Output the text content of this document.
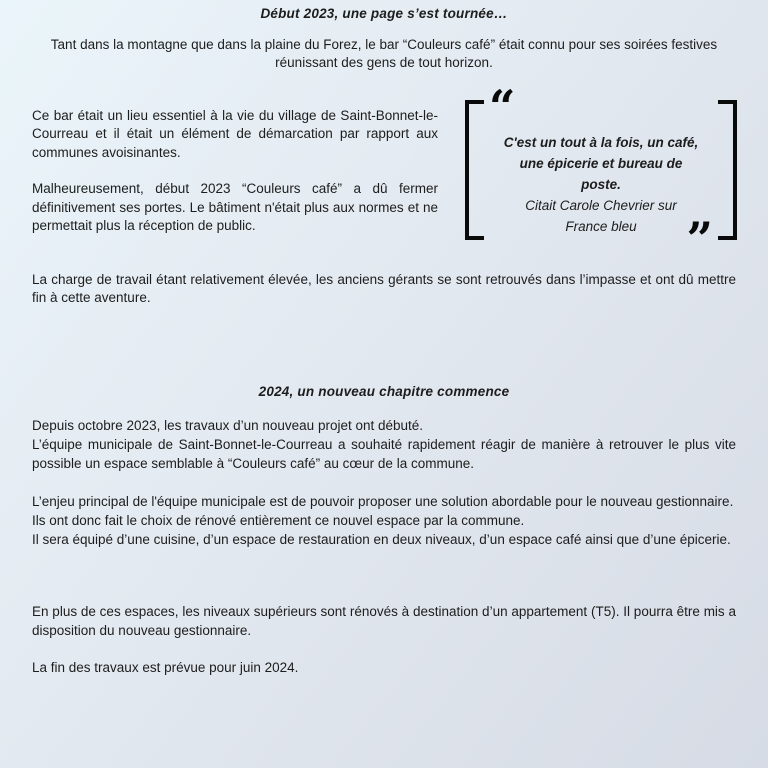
Début 2023, une page s’est tournée…

Tant dans la montagne que dans la plaine du Forez, le bar “Couleurs café” était connu pour ses soirées festives réunissant des gens de tout horizon.

Ce bar était un lieu essentiel à la vie du village de Saint-Bonnet-le-Courreau et il était un élément de démarcation par rapport aux communes avoisinantes.

Malheureusement, début 2023 “Couleurs café” a dû fermer définitivement ses portes. Le bâtiment n'était plus aux normes et ne permettait plus la réception de public.

“
C'est un tout à la fois, un café,
une épicerie et bureau de
poste.
Citait Carole Chevrier sur
France bleu	”

La charge de travail étant relativement élevée, les anciens gérants se sont retrouvés dans l’impasse et ont dû mettre fin à cette aventure.

2024, un nouveau chapitre commence

Depuis octobre 2023, les travaux d’un nouveau projet ont débuté.

L’équipe municipale de Saint-Bonnet-le-Courreau a souhaité rapidement réagir de manière à retrouver le plus vite possible un espace semblable à “Couleurs café” au cœur de la commune.

L’enjeu principal de l'équipe municipale est de pouvoir proposer une solution abordable pour le nouveau gestionnaire.

Ils ont donc fait le choix de rénové entièrement ce nouvel espace par la commune.

Il sera équipé d’une cuisine, d’un espace de restauration en deux niveaux, d’un espace café ainsi que d’une épicerie.

En plus de ces espaces, les niveaux supérieurs sont rénovés à destination d’un appartement (T5). Il pourra être mis a disposition du nouveau gestionnaire.

La fin des travaux est prévue pour juin 2024.
